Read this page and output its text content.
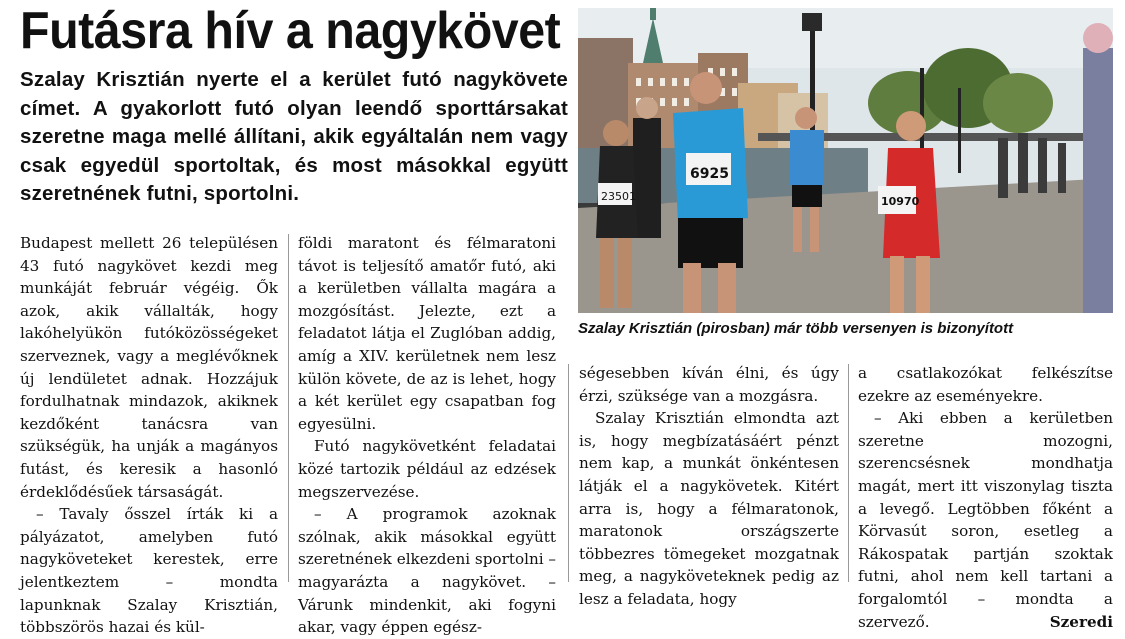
Futásra hív a nagykövet
Szalay Krisztián nyerte el a kerület futó nagykövete címet. A gyakorlott futó olyan leendő sporttársakat szeretne maga mellé állítani, akik egyáltalán nem vagy csak egyedül sportoltak, és most másokkal együtt szeretnének futni, sportolni.	23501
6925
10970
Szalay Krisztián (pirosban) már több versenyen is bizonyított

Budapest mellett 26 településen 43 futó nagykövet kezdi meg munkáját február végéig. Ők azok, akik vállalták, hogy lakóhelyükön futóközösségeket szerveznek, vagy a meglévőknek új lendületet adnak. Hozzájuk fordulhatnak mindazok, akiknek kezdőként tanácsra van szükségük, ha unják a magányos futást, és keresik a hasonló érdeklődésűek társaságát.

– Tavaly ősszel írták ki a pályázatot, amelyben futó nagyköveteket kerestek, erre jelentkeztem – mondta lapunknak Szalay Krisztián, többszörös hazai és kül-

földi maratont és félmaratoni távot is teljesítő amatőr futó, aki a kerületben vállalta magára a mozgósítást. Jelezte, ezt a feladatot látja el Zuglóban addig, amíg a XIV. kerületnek nem lesz külön követe, de az is lehet, hogy a két kerület egy csapatban fog egyesülni.

Futó nagykövetként feladatai közé tartozik például az edzések megszervezése.

– A programok azoknak szólnak, akik másokkal együtt szeretnének elkezdeni sportolni – magyarázta a nagykövet. – Várunk mindenkit, aki fogyni akar, vagy éppen egész-

ségesebben kíván élni, és úgy érzi, szüksége van a mozgásra.

Szalay Krisztián elmondta azt is, hogy megbízatásáért pénzt nem kap, a munkát önkéntesen látják el a nagykövetek. Kitért arra is, hogy a félmaratonok, maratonok országszerte többezres tömegeket mozgatnak meg, a nagyköveteknek pedig az lesz a feladata, hogy

a csatlakozókat felkészítse ezekre az eseményekre.

– Aki ebben a kerületben szeretne mozogni, szerencsésnek mondhatja magát, mert itt viszonylag tiszta a levegő. Legtöbben főként a Körvasút soron, esetleg a Rákospatak partján szoktak futni, ahol nem kell tartani a forgalomtól – mondta a szervező.	Szeredi
